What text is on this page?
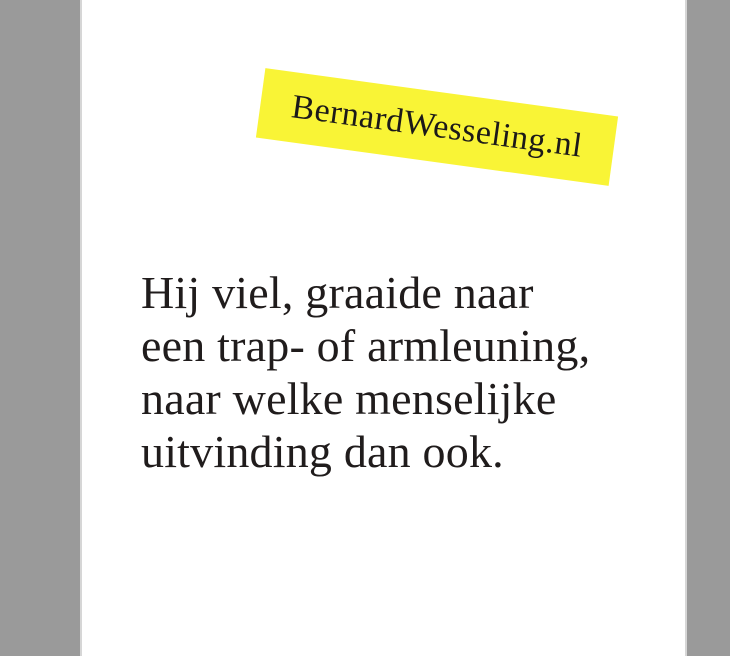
BernardWesseling.nl
Hij viel, graaide naar
een trap- of armleuning,
naar welke menselijke
uitvinding dan ook.
